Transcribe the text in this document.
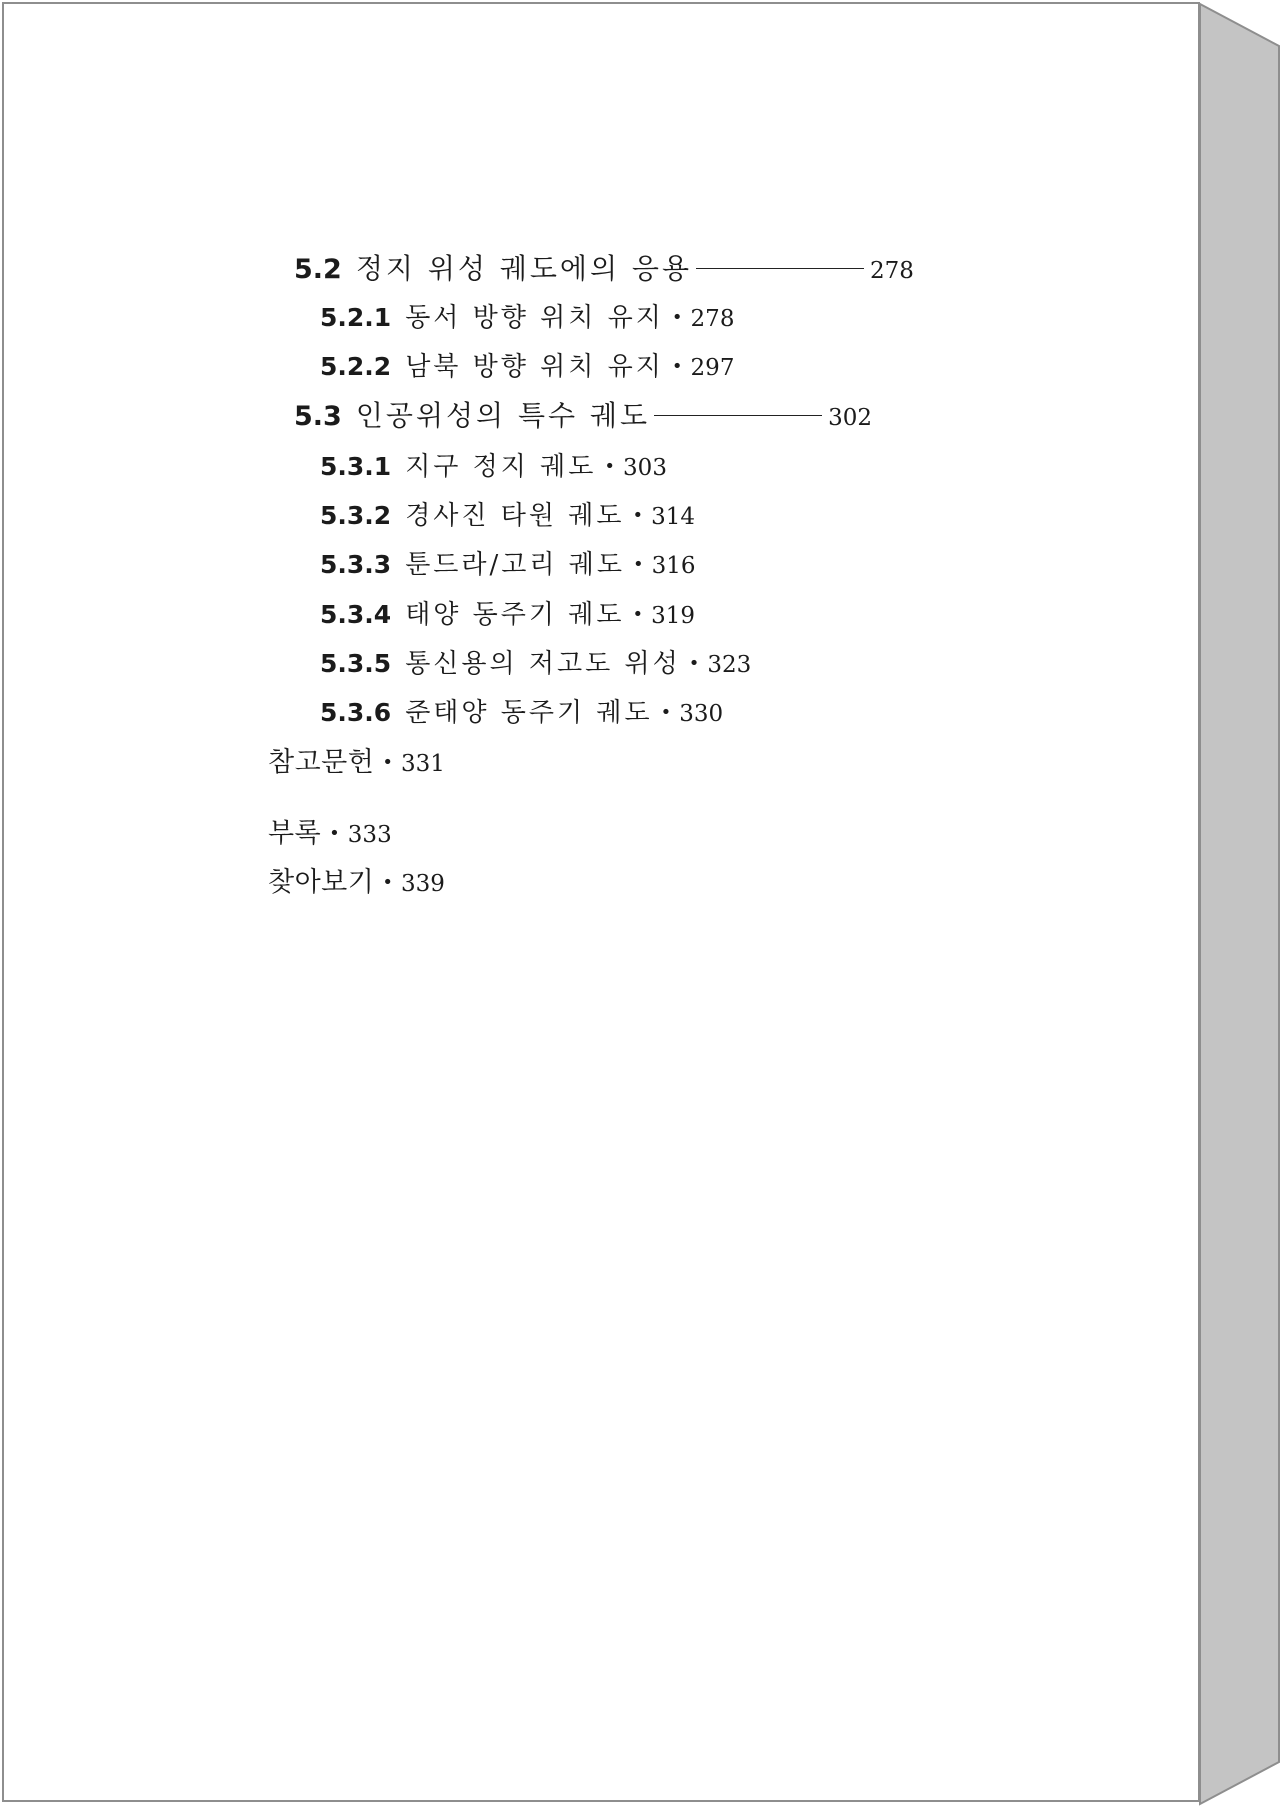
5.2 정지 위성 궤도에의 응용	278
5.2.1 동서 방향 위치 유지 • 278
5.2.2 남북 방향 위치 유지 • 297
5.3 인공위성의 특수 궤도	302
5.3.1 지구 정지 궤도 • 303
5.3.2 경사진 타원 궤도 • 314
5.3.3 툰드라/고리 궤도 • 316
5.3.4 태양 동주기 궤도 • 319
5.3.5 통신용의 저고도 위성 • 323
5.3.6 준태양 동주기 궤도 • 330
참고문헌 • 331
부록 • 333
찾아보기 • 339
